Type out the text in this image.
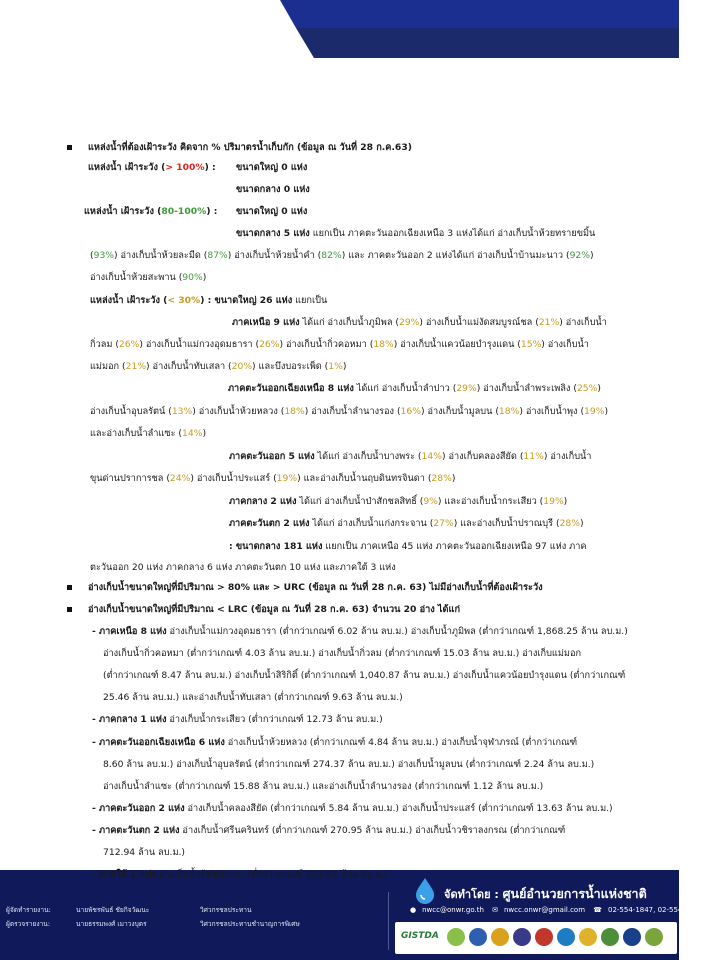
แหล่งน้ำที่ต้องเฝ้าระวัง คิดจาก % ปริมาตรน้ำเก็บกัก (ข้อมูล ณ วันที่ 28 ก.ค.63)
แหล่งน้ำ เฝ้าระวัง (> 100%) : ขนาดใหญ่ 0 แห่ง
ขนาดกลาง 0 แห่ง
แหล่งน้ำ เฝ้าระวัง (80-100%) : ขนาดใหญ่ 0 แห่ง
ขนาดกลาง 5 แห่ง แยกเป็น ภาคตะวันออกเฉียงเหนือ 3 แห่งได้แก่ อ่างเก็บน้ำห้วยทรายขมิ้น
(93%) อ่างเก็บน้ำห้วยละมีด (87%) อ่างเก็บน้ำห้วยน้ำคำ (82%) และ ภาคตะวันออก 2 แห่งได้แก่ อ่างเก็บน้ำบ้านมะนาว (92%)
อ่างเก็บน้ำห้วยสะพาน (90%)
แหล่งน้ำ เฝ้าระวัง (< 30%) : ขนาดใหญ่ 26 แห่ง แยกเป็น
ภาคเหนือ 9 แห่ง ได้แก่ อ่างเก็บน้ำภูมิพล (29%) อ่างเก็บน้ำแม่งัดสมบูรณ์ชล (21%) อ่างเก็บน้ำ
กิ่วลม (26%) อ่างเก็บน้ำแม่กวงอุดมธารา (26%) อ่างเก็บน้ำกิ่วคอหมา (18%) อ่างเก็บน้ำแควน้อยบำรุงแดน (15%) อ่างเก็บน้ำ
แม่มอก (21%) อ่างเก็บน้ำทับเสลา (20%) และบึงบอระเพ็ด (1%)
ภาคตะวันออกเฉียงเหนือ 8 แห่ง ได้แก่ อ่างเก็บน้ำลำปาว (29%) อ่างเก็บน้ำลำพระเพลิง (25%)
อ่างเก็บน้ำอุบลรัตน์ (13%) อ่างเก็บน้ำห้วยหลวง (18%) อ่างเก็บน้ำลำนางรอง (16%) อ่างเก็บน้ำมูลบน (18%) อ่างเก็บน้ำพุง (19%)
และอ่างเก็บน้ำลำแซะ (14%)
ภาคตะวันออก 5 แห่ง ได้แก่ อ่างเก็บน้ำบางพระ (14%) อ่างเก็บคลองสียัด (11%) อ่างเก็บน้ำ
ขุนด่านปราการชล (24%) อ่างเก็บน้ำประแสร์ (19%) และอ่างเก็บน้ำนฤบดินทรจินดา (28%)
ภาคกลาง 2 แห่ง ได้แก่ อ่างเก็บน้ำป่าสักชลสิทธิ์ (9%) และอ่างเก็บน้ำกระเสียว (19%)
ภาคตะวันตก 2 แห่ง ได้แก่ อ่างเก็บน้ำแก่งกระจาน (27%) และอ่างเก็บน้ำปราณบุรี (28%)
: ขนาดกลาง 181 แห่ง แยกเป็น ภาคเหนือ 45 แห่ง ภาคตะวันออกเฉียงเหนือ 97 แห่ง ภาค
ตะวันออก 20 แห่ง ภาคกลาง 6 แห่ง ภาคตะวันตก 10 แห่ง และภาคใต้ 3 แห่ง
อ่างเก็บน้ำขนาดใหญ่ที่มีปริมาณ > 80% และ > URC (ข้อมูล ณ วันที่ 28 ก.ค. 63) ไม่มีอ่างเก็บน้ำที่ต้องเฝ้าระวัง
อ่างเก็บน้ำขนาดใหญ่ที่มีปริมาณ < LRC (ข้อมูล ณ วันที่ 28 ก.ค. 63) จำนวน 20 อ่าง ได้แก่
- ภาคเหนือ 8 แห่ง อ่างเก็บน้ำแม่กวงอุดมธารา (ต่ำกว่าเกณฑ์ 6.02 ล้าน ลบ.ม.) อ่างเก็บน้ำภูมิพล (ต่ำกว่าเกณฑ์ 1,868.25 ล้าน ลบ.ม.)
อ่างเก็บน้ำกิ่วคอหมา (ต่ำกว่าเกณฑ์ 4.03 ล้าน ลบ.ม.) อ่างเก็บน้ำกิ่วลม (ต่ำกว่าเกณฑ์ 15.03 ล้าน ลบ.ม.) อ่างเก็บแม่มอก
(ต่ำกว่าเกณฑ์ 8.47 ล้าน ลบ.ม.) อ่างเก็บน้ำสิริกิติ์ (ต่ำกว่าเกณฑ์ 1,040.87 ล้าน ลบ.ม.) อ่างเก็บน้ำแควน้อยบำรุงแดน (ต่ำกว่าเกณฑ์
25.46 ล้าน ลบ.ม.) และอ่างเก็บน้ำทับเสลา (ต่ำกว่าเกณฑ์ 9.63 ล้าน ลบ.ม.)
- ภาคกลาง 1 แห่ง อ่างเก็บน้ำกระเสียว (ต่ำกว่าเกณฑ์ 12.73 ล้าน ลบ.ม.)
- ภาคตะวันออกเฉียงเหนือ 6 แห่ง อ่างเก็บน้ำห้วยหลวง (ต่ำกว่าเกณฑ์ 4.84 ล้าน ลบ.ม.) อ่างเก็บน้ำจุฬาภรณ์ (ต่ำกว่าเกณฑ์
8.60 ล้าน ลบ.ม.) อ่างเก็บน้ำอุบลรัตน์ (ต่ำกว่าเกณฑ์ 274.37 ล้าน ลบ.ม.) อ่างเก็บน้ำมูลบน (ต่ำกว่าเกณฑ์ 2.24 ล้าน ลบ.ม.)
อ่างเก็บน้ำลำแซะ (ต่ำกว่าเกณฑ์ 15.88 ล้าน ลบ.ม.) และอ่างเก็บน้ำลำนางรอง (ต่ำกว่าเกณฑ์ 1.12 ล้าน ลบ.ม.)
- ภาคตะวันออก 2 แห่ง อ่างเก็บน้ำคลองสียัด (ต่ำกว่าเกณฑ์ 5.84 ล้าน ลบ.ม.) อ่างเก็บน้ำประแสร์ (ต่ำกว่าเกณฑ์ 13.63 ล้าน ลบ.ม.)
- ภาคตะวันตก 2 แห่ง อ่างเก็บน้ำศรีนครินทร์ (ต่ำกว่าเกณฑ์ 270.95 ล้าน ลบ.ม.) อ่างเก็บน้ำวชิราลงกรณ (ต่ำกว่าเกณฑ์
712.94 ล้าน ลบ.ม.)
- ภาคใต้ 1 แห่ง อ่างเก็บน้ำรัชชประภา (ต่ำกว่าเกณฑ์ 372.97 ล้าน ลบ.ม.)
ผู้จัดทำรายงาน:	นายพัชรพันธ์ ชัยกิจวัฒนะ	วิศวกรชลประทาน
ผู้ตรวจรายงาน:	นายธรรมพงศ์ เมาวงบุตร	วิศวกรชลประทานชำนาญการพิเศษ
จัดทำโดย : ศูนย์อำนวยการน้ำแห่งชาติ
● nwcc@onwr.go.th ✉ nwcc.onwr@gmail.com ☎ 02-554-1847, 02-554-1800
GISTDA
